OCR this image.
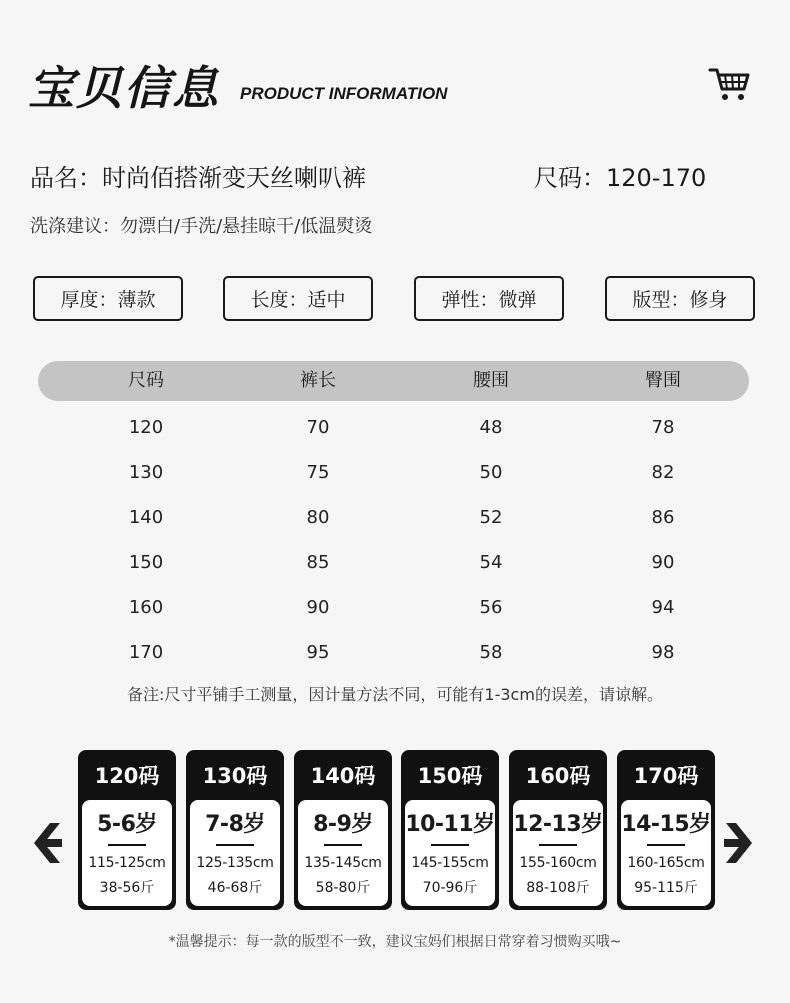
宝贝信息 PRODUCT INFORMATION
品名：时尚佰搭渐变天丝喇叭裤	尺码：120-170
洗涤建议：勿漂白/手洗/悬挂晾干/低温熨烫
厚度：薄款	长度：适中	弹性：微弹	版型：修身
尺码	裤长	腰围	臀围
120	70	48	78
130	75	50	82
140	80	52	86
150	85	54	90
160	90	56	94
170	95	58	98
备注:尺寸平铺手工测量，因计量方法不同，可能有1-3cm的误差，请谅解。
120码
5-6岁
115-125cm
38-56斤
130码
7-8岁
125-135cm
46-68斤
140码
8-9岁
135-145cm
58-80斤
150码
10-11岁
145-155cm
70-96斤
160码
12-13岁
155-160cm
88-108斤
170码
14-15岁
160-165cm
95-115斤
*温馨提示：每一款的版型不一致，建议宝妈们根据日常穿着习惯购买哦~
